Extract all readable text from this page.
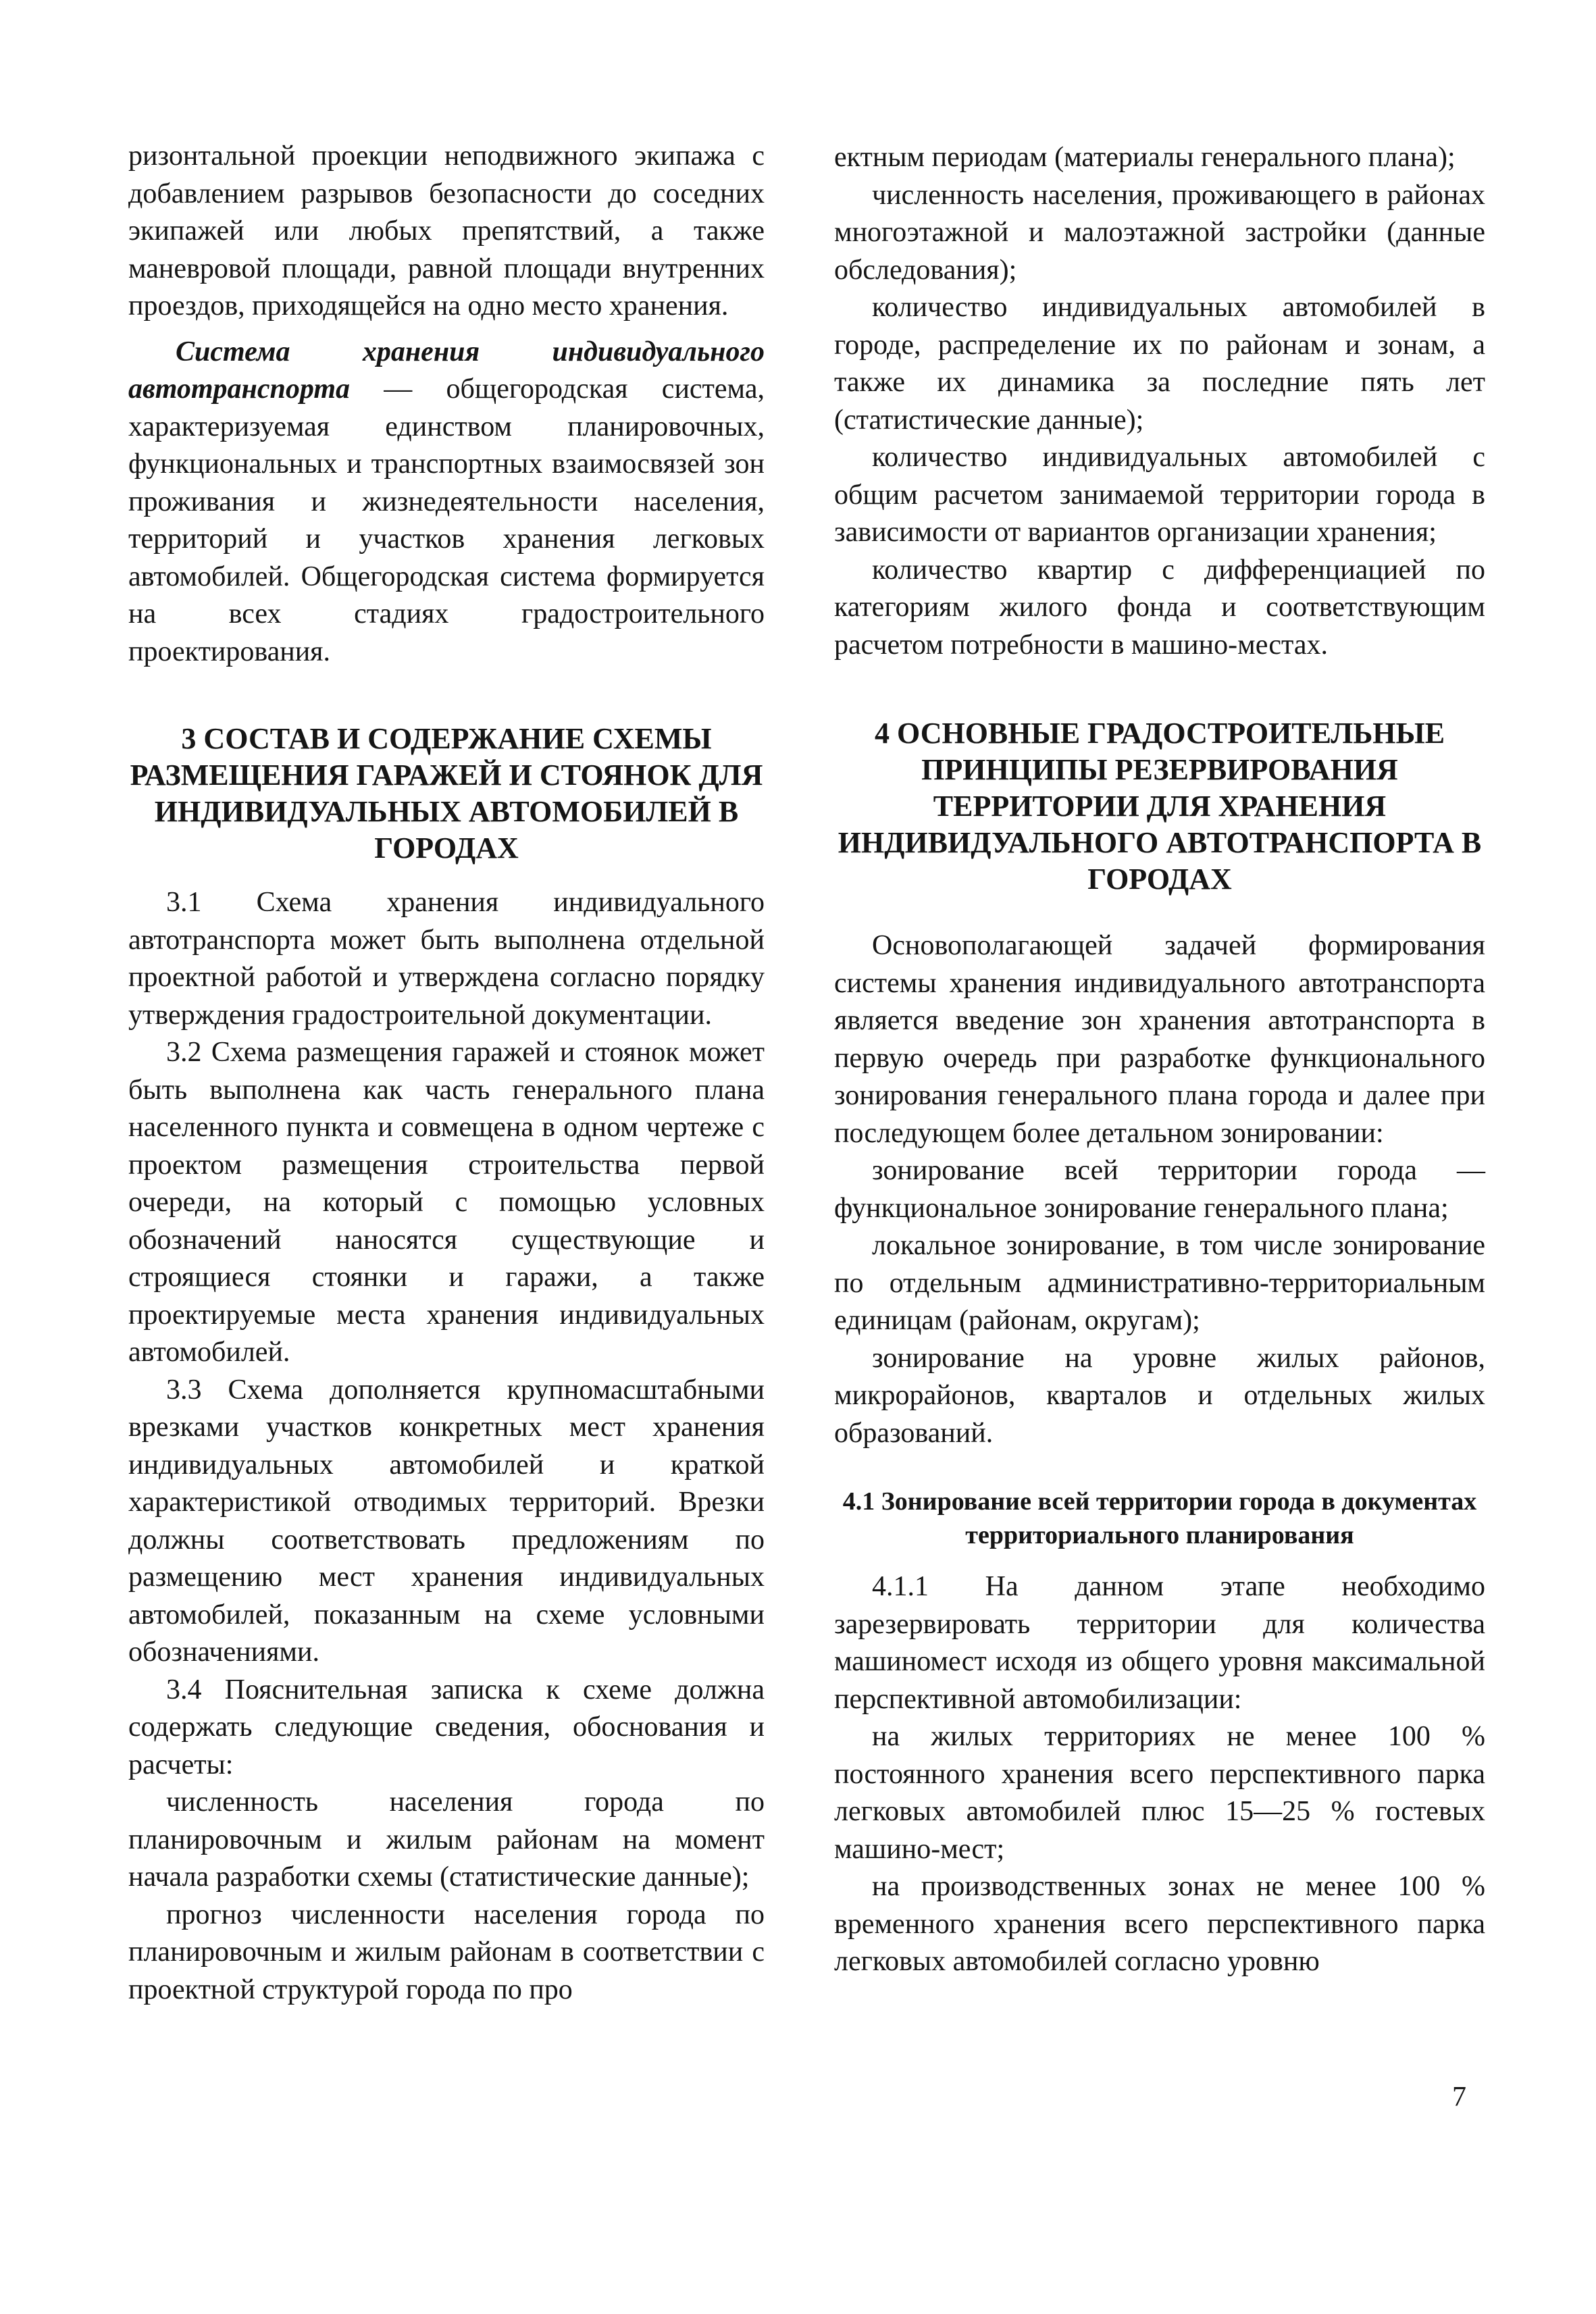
ризонтальной проекции неподвижного экипажа с добавлением разрывов безопасности до соседних экипажей или любых препятствий, а также маневровой площади, равной площади внутренних проездов, приходящейся на одно место хранения.

Система хранения индивидуального автотранспорта — общегородская система, характеризуемая единством планировочных, функциональных и транспортных взаимосвязей зон проживания и жизнедеятельности населения, территорий и участков хранения легковых автомобилей. Общегородская система формируется на всех стадиях градостроительного проектирования.

3 СОСТАВ И СОДЕРЖАНИЕ СХЕМЫ РАЗМЕЩЕНИЯ ГАРАЖЕЙ И СТОЯНОК ДЛЯ ИНДИВИДУАЛЬНЫХ АВТОМОБИЛЕЙ В ГОРОДАХ

3.1 Схема хранения индивидуального автотранспорта может быть выполнена отдельной проектной работой и утверждена согласно порядку утверждения градостроительной документации.

3.2 Схема размещения гаражей и стоянок может быть выполнена как часть генерального плана населенного пункта и совмещена в одном чертеже с проектом размещения строительства первой очереди, на который с помощью условных обозначений наносятся существующие и строящиеся стоянки и гаражи, а также проектируемые места хранения индивидуальных автомобилей.

3.3 Схема дополняется крупномасштабными врезками участков конкретных мест хранения индивидуальных автомобилей и краткой характеристикой отводимых территорий. Врезки должны соответствовать предложениям по размещению мест хранения индивидуальных автомобилей, показанным на схеме условными обозначениями.

3.4 Пояснительная записка к схеме должна содержать следующие сведения, обоснования и расчеты:

численность населения города по планировочным и жилым районам на момент начала разработки схемы (статистические данные);

прогноз численности населения города по планировочным и жилым районам в соответствии с проектной структурой города по про

ектным периодам (материалы генерального плана);

численность населения, проживающего в районах многоэтажной и малоэтажной застройки (данные обследования);

количество индивидуальных автомобилей в городе, распределение их по районам и зонам, а также их динамика за последние пять лет (статистические данные);

количество индивидуальных автомобилей с общим расчетом занимаемой территории города в зависимости от вариантов организации хранения;

количество квартир с дифференциацией по категориям жилого фонда и соответствующим расчетом потребности в машино-местах.

4 ОСНОВНЫЕ ГРАДОСТРОИТЕЛЬНЫЕ ПРИНЦИПЫ РЕЗЕРВИРОВАНИЯ ТЕРРИТОРИИ ДЛЯ ХРАНЕНИЯ ИНДИВИДУАЛЬНОГО АВТОТРАНСПОРТА В ГОРОДАХ

Основополагающей задачей формирования системы хранения индивидуального автотранспорта является введение зон хранения автотранспорта в первую очередь при разработке функционального зонирования генерального плана города и далее при последующем более детальном зонировании:

зонирование всей территории города — функциональное зонирование генерального плана;

локальное зонирование, в том числе зонирование по отдельным административно-территориальным единицам (районам, округам);

зонирование на уровне жилых районов, микрорайонов, кварталов и отдельных жилых образований.

4.1 Зонирование всей территории города в документах территориального планирования

4.1.1 На данном этапе необходимо зарезервировать территории для количества машиномест исходя из общего уровня максимальной перспективной автомобилизации:

на жилых территориях не менее 100 % постоянного хранения всего перспективного парка легковых автомобилей плюс 15—25 % гостевых машино-мест;

на производственных зонах не менее 100 % временного хранения всего перспективного парка легковых автомобилей согласно уровню

7
